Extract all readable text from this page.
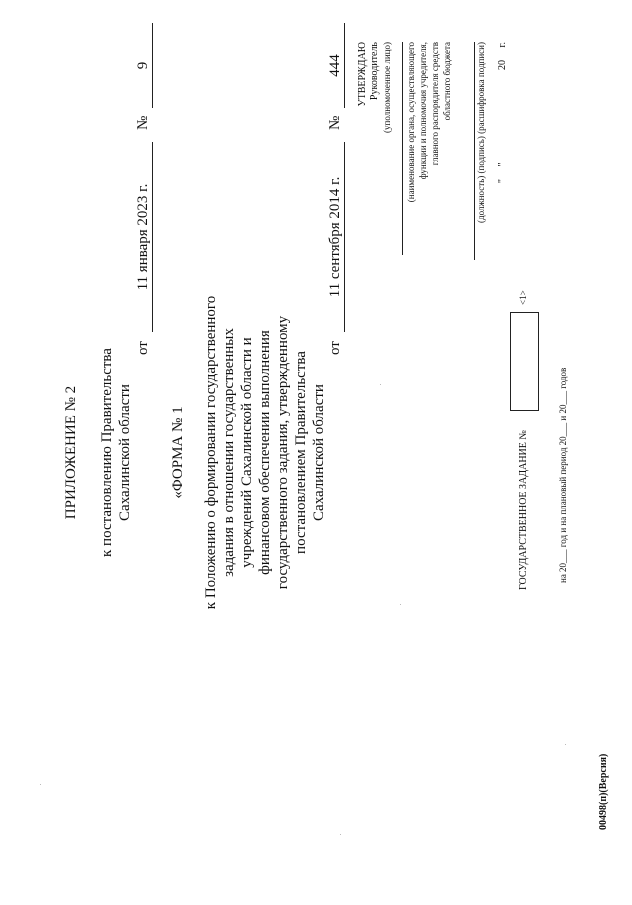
ПРИЛОЖЕНИЕ № 2 к постановлению Правительства Сахалинской области
от
11 января 2023 г.
№
9
«ФОРМА № 1 к Положению о формировании государственного задания в отношении государственных учреждений Сахалинской области и финансовом обеспечении выполнения государственного задания, утвержденному постановлением Правительства Сахалинской области
от
11 сентября 2014 г.
№
444 УТВЕРЖДАЮ Руководитель (уполномоченное лицо) (наименование органа, осуществляющего функции и полномочия учредителя, главного распорядителя средств областного бюджета	(должность) (подпись) (расшифровка подписи) "     "                                     20     г.
ГОСУДАРСТВЕННОЕ ЗАДАНИЕ №
<1>
на 20___ год и на плановый период 20___ и 20___ годов
00498(п)(Версия)
